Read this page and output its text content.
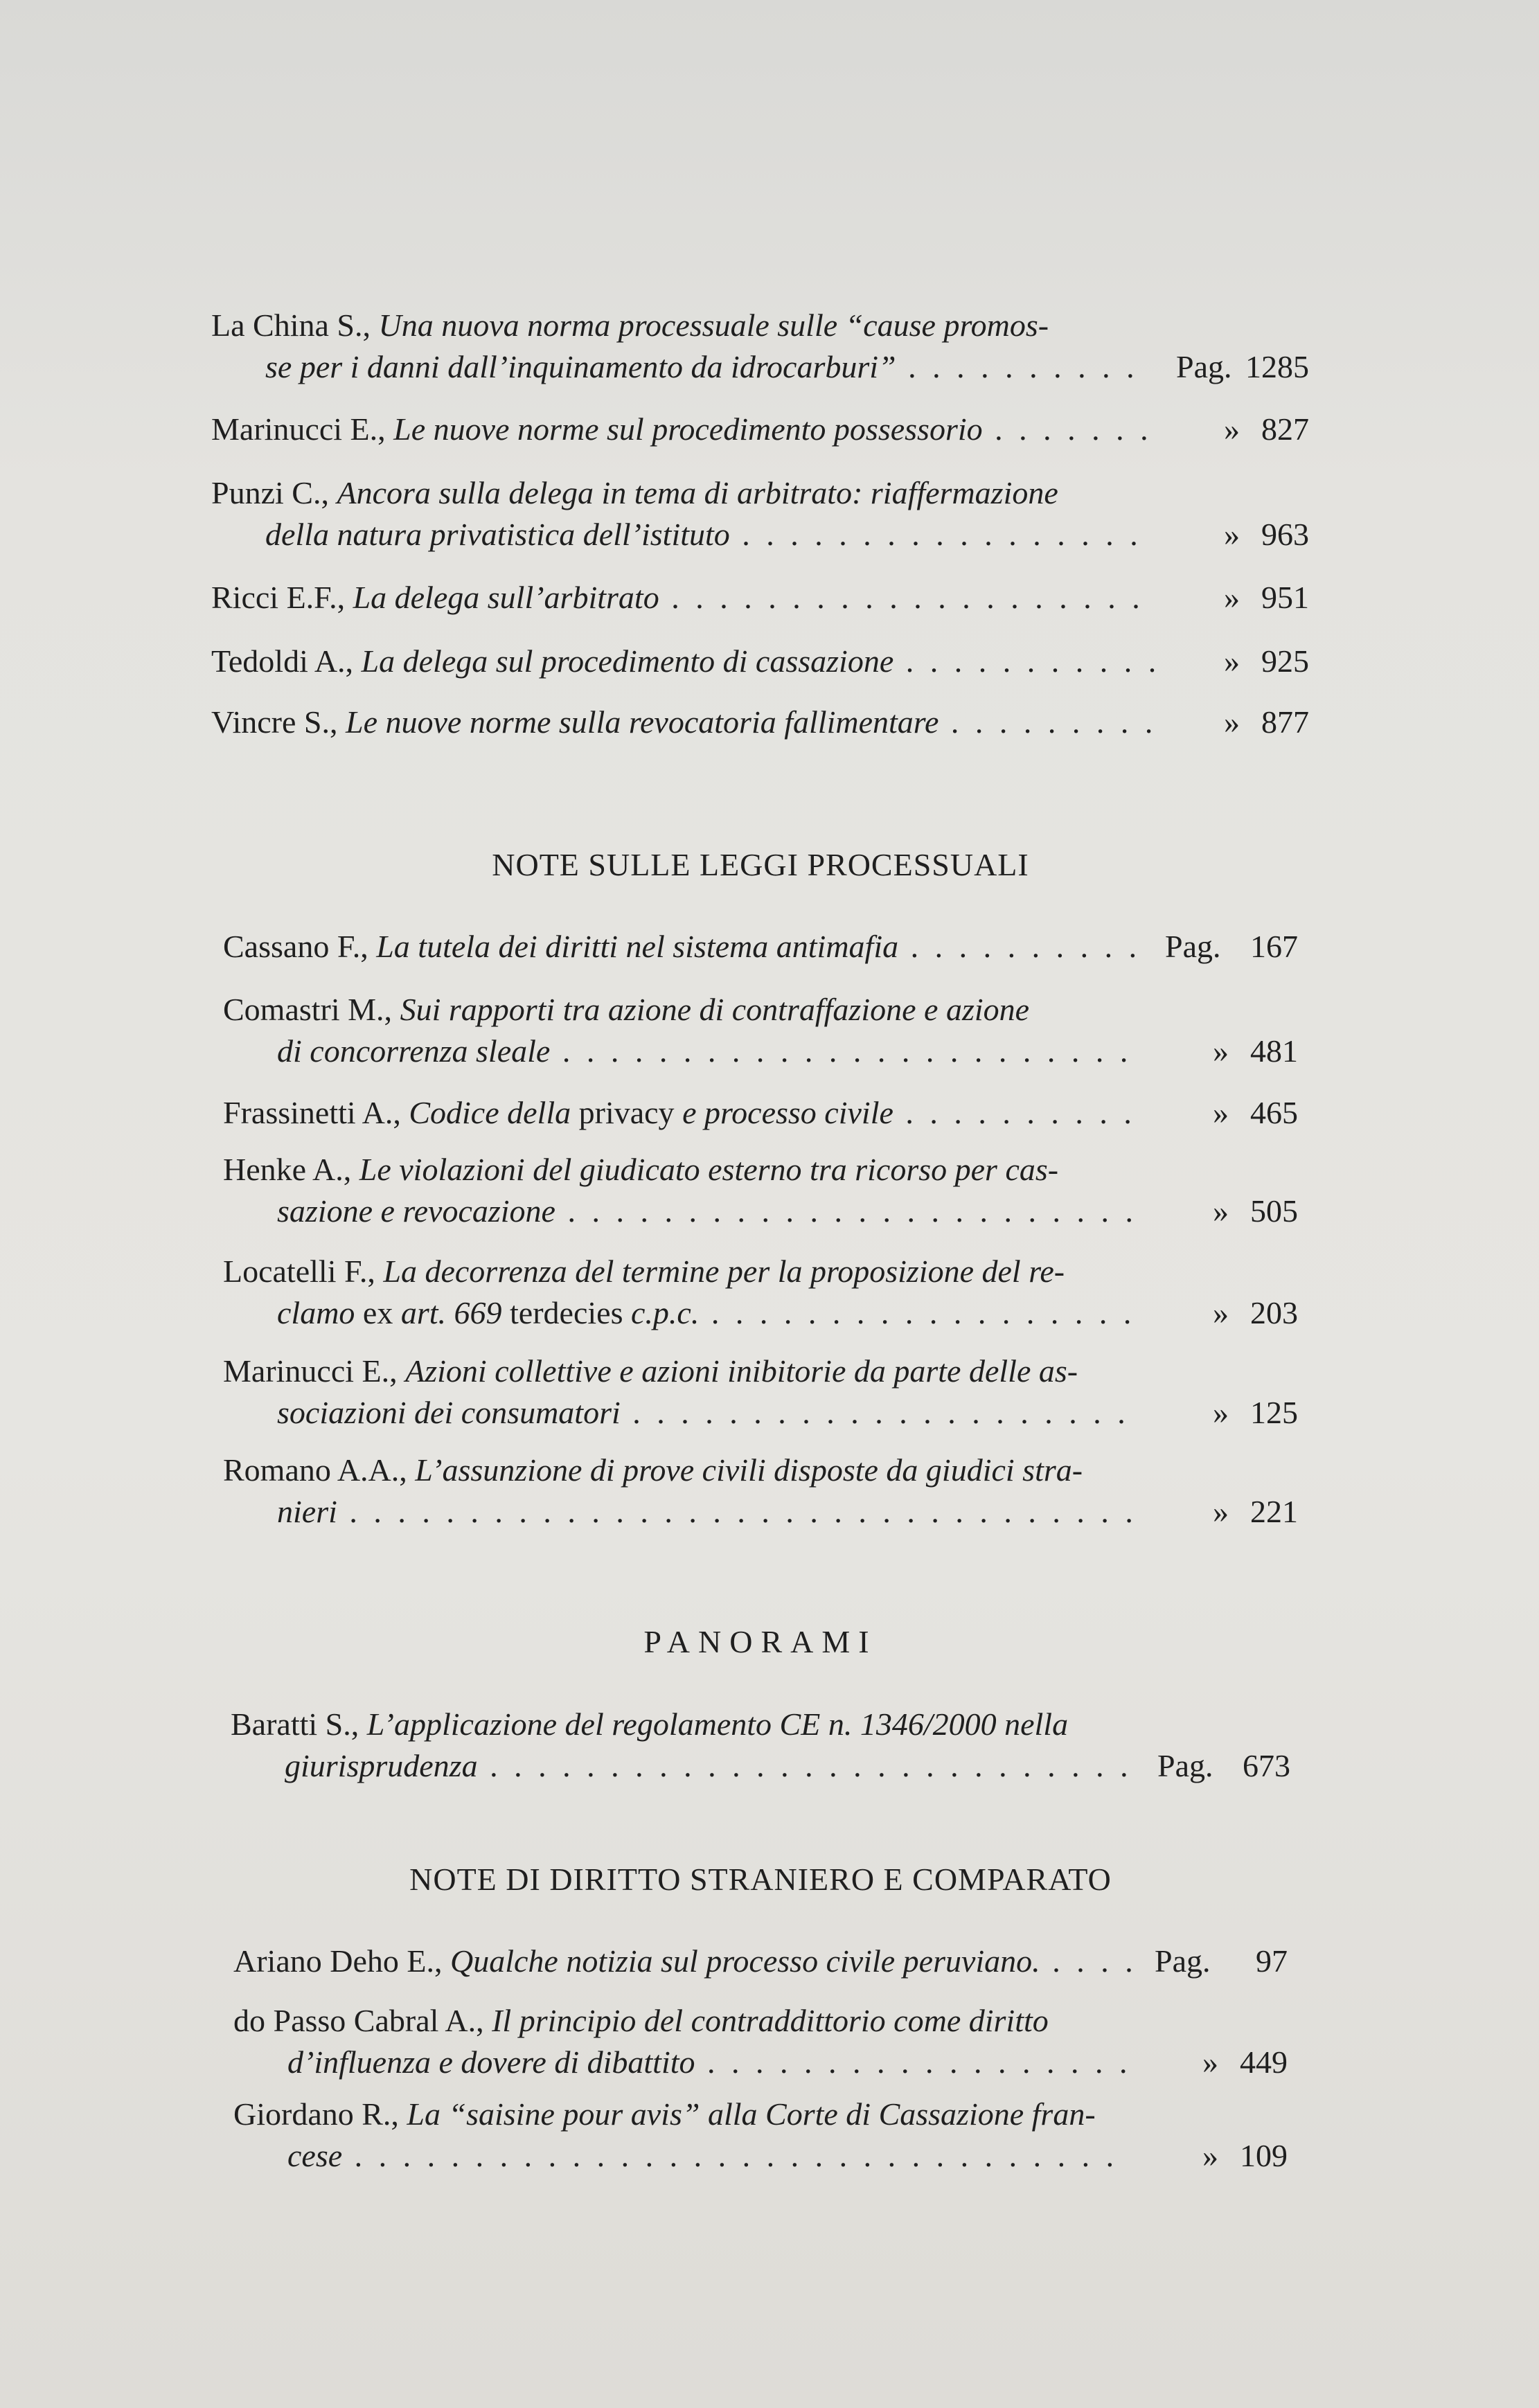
La China S., Una nuova norma processuale sulle “cause promos-
se per i danni dall’inquinamento da idrocarburi” . . . . . . . . . . Pag. 1285
Marinucci E., Le nuove norme sul procedimento possessorio . . . . . . .	» 827
Punzi C., Ancora sulla delega in tema di arbitrato: riaffermazione
della natura privatistica dell’istituto . . . . . . . . . . . . . . . . .	» 963
Ricci E.F., La delega sull’arbitrato . . . . . . . . . . . . . . . . . . . .	» 951
Tedoldi A., La delega sul procedimento di cassazione . . . . . . . . . . .	» 925
Vincre S., Le nuove norme sulla revocatoria fallimentare . . . . . . . . .	» 877
NOTE SULLE LEGGI PROCESSUALI
Cassano F., La tutela dei diritti nel sistema antimafia . . . . . . . . . . Pag. 167
Comastri M., Sui rapporti tra azione di contraffazione e azione
di concorrenza sleale . . . . . . . . . . . . . . . . . . . . . . . .	» 481
Frassinetti A., Codice della privacy e processo civile . . . . . . . . . .	» 465
Henke A., Le violazioni del giudicato esterno tra ricorso per cas-
sazione e revocazione . . . . . . . . . . . . . . . . . . . . . . . .	» 505
Locatelli F., La decorrenza del termine per la proposizione del re-
clamo ex art. 669 terdecies c.p.c. . . . . . . . . . . . . . . . . . .	» 203
Marinucci E., Azioni collettive e azioni inibitorie da parte delle as-
sociazioni dei consumatori . . . . . . . . . . . . . . . . . . . . .	» 125
Romano A.A., L’assunzione di prove civili disposte da giudici stra-
nieri . . . . . . . . . . . . . . . . . . . . . . . . . . . . . . . . .	» 221
PANORAMI
Baratti S., L’applicazione del regolamento CE n. 1346/2000 nella
giurisprudenza . . . . . . . . . . . . . . . . . . . . . . . . . . . Pag. 673
NOTE DI DIRITTO STRANIERO E COMPARATO
Ariano Deho E., Qualche notizia sul processo civile peruviano. . . . . Pag. 97
do Passo Cabral A., Il principio del contraddittorio come diritto
d’influenza e dovere di dibattito . . . . . . . . . . . . . . . . . .	» 449
Giordano R., La “saisine pour avis” alla Corte di Cassazione fran-
cese . . . . . . . . . . . . . . . . . . . . . . . . . . . . . . . .	» 109
